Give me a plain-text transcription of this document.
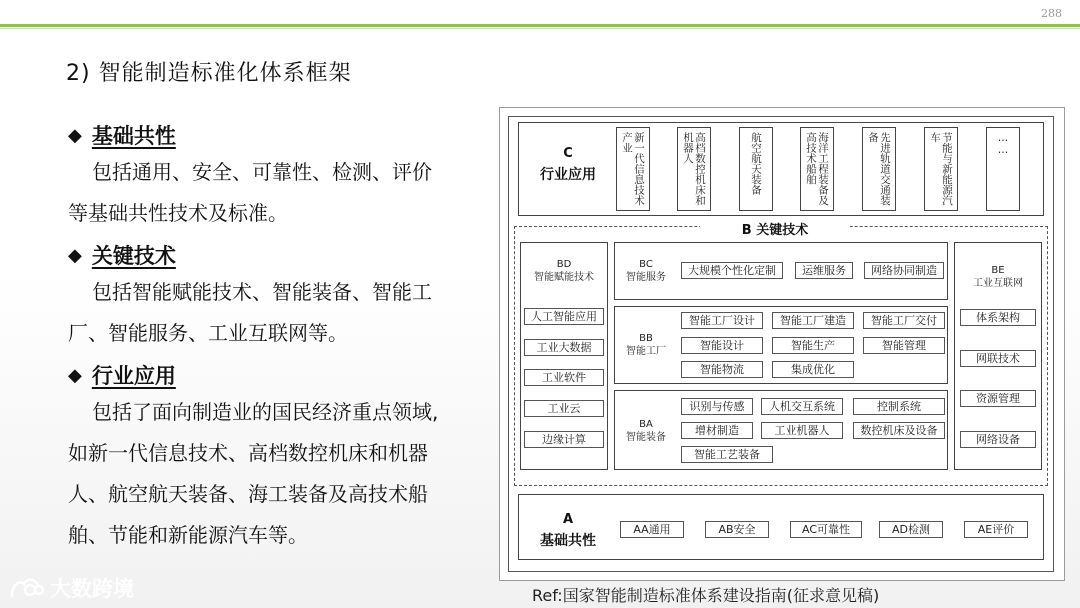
288
2) 智能制造标准化体系框架
◆ 基础共性
包括通用、安全、可靠性、检测、评价
等基础共性技术及标准。
◆ 关键技术
包括智能赋能技术、智能装备、智能工
厂、智能服务、工业互联网等。
◆ 行业应用
包括了面向制造业的国民经济重点领域,
如新一代信息技术、高档数控机床和机器
人、航空航天装备、海工装备及高技术船
舶、节能和新能源汽车等。
C
行业应用	新一代信息技术产业	高档数控机床和机器人	航空航天装备	海洋工程装备及高技术船舶	先进轨道交通装备	节能与新能源汽车	……
B 关键技术
BD
智能赋能技术
人工智能应用
工业大数据
工业软件
工业云
边缘计算
BC
智能服务
大规模个性化定制	运维服务	网络协同制造
BB
智能工厂
智能工厂设计	智能工厂建造	智能工厂交付
智能设计	智能生产	智能管理
智能物流	集成优化
BA
智能装备
识别与传感	人机交互系统	控制系统
增材制造	工业机器人	数控机床及设备
智能工艺装备
BE
工业互联网
体系架构
网联技术
资源管理
网络设备
A
基础共性
AA通用	AB安全	AC可靠性	AD检测	AE评价
Ref:国家智能制造标准体系建设指南(征求意见稿)
大数跨境
